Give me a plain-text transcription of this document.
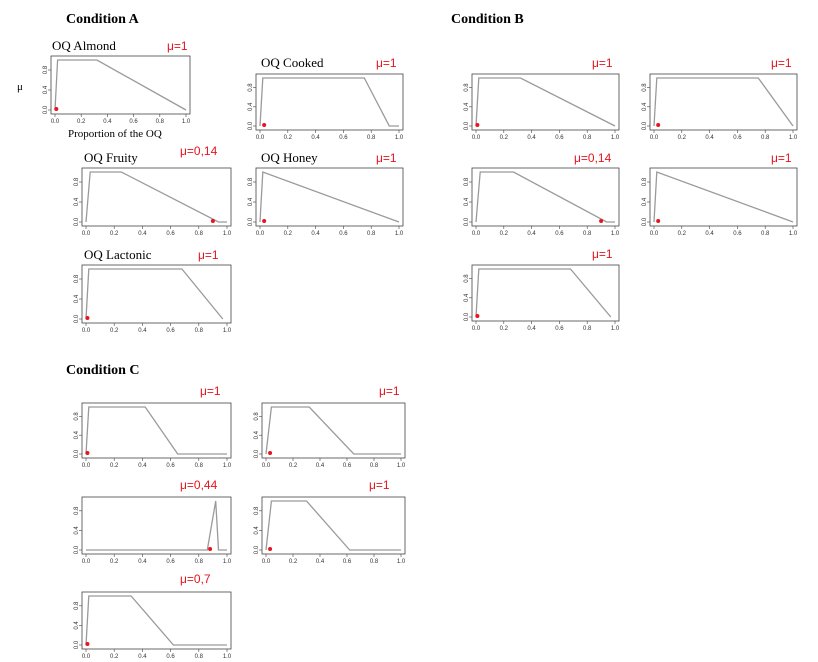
Condition A	Condition B
Condition C
μ
Proportion of the OQ
0.0
0.4
0.8
0.0	0.2	0.4	0.6	0.8	1.0
OQ Almond	μ=1
0.0
0.4
0.8
0.0	0.2	0.4	0.6	0.8	1.0
OQ Cooked	μ=1
0.0
0.4
0.8
0.0	0.2	0.4	0.6	0.8	1.0
OQ Fruity	μ=0,14
0.0
0.4
0.8
0.0	0.2	0.4	0.6	0.8	1.0
OQ Honey	μ=1
0.0
0.4
0.8
0.0	0.2	0.4	0.6	0.8	1.0
OQ Lactonic	μ=1
0.0
0.4
0.8
0.0	0.2	0.4	0.6	0.8	1.0
μ=1
0.0
0.4
0.8
0.0	0.2	0.4	0.6	0.8	1.0
μ=1
0.0
0.4
0.8
0.0	0.2	0.4	0.6	0.8	1.0
μ=0,14
0.0
0.4
0.8
0.0	0.2	0.4	0.6	0.8	1.0
μ=1
0.0
0.4
0.8
0.0	0.2	0.4	0.6	0.8	1.0
μ=1
0.0
0.4
0.8
0.0	0.2	0.4	0.6	0.8	1.0
μ=1
0.0
0.4
0.8
0.0	0.2	0.4	0.6	0.8	1.0
μ=1
0.0
0.4
0.8
0.0	0.2	0.4	0.6	0.8	1.0
μ=0,44
0.0
0.4
0.8
0.0	0.2	0.4	0.6	0.8	1.0
μ=1
0.0
0.4
0.8
0.0	0.2	0.4	0.6	0.8	1.0
μ=0,7
